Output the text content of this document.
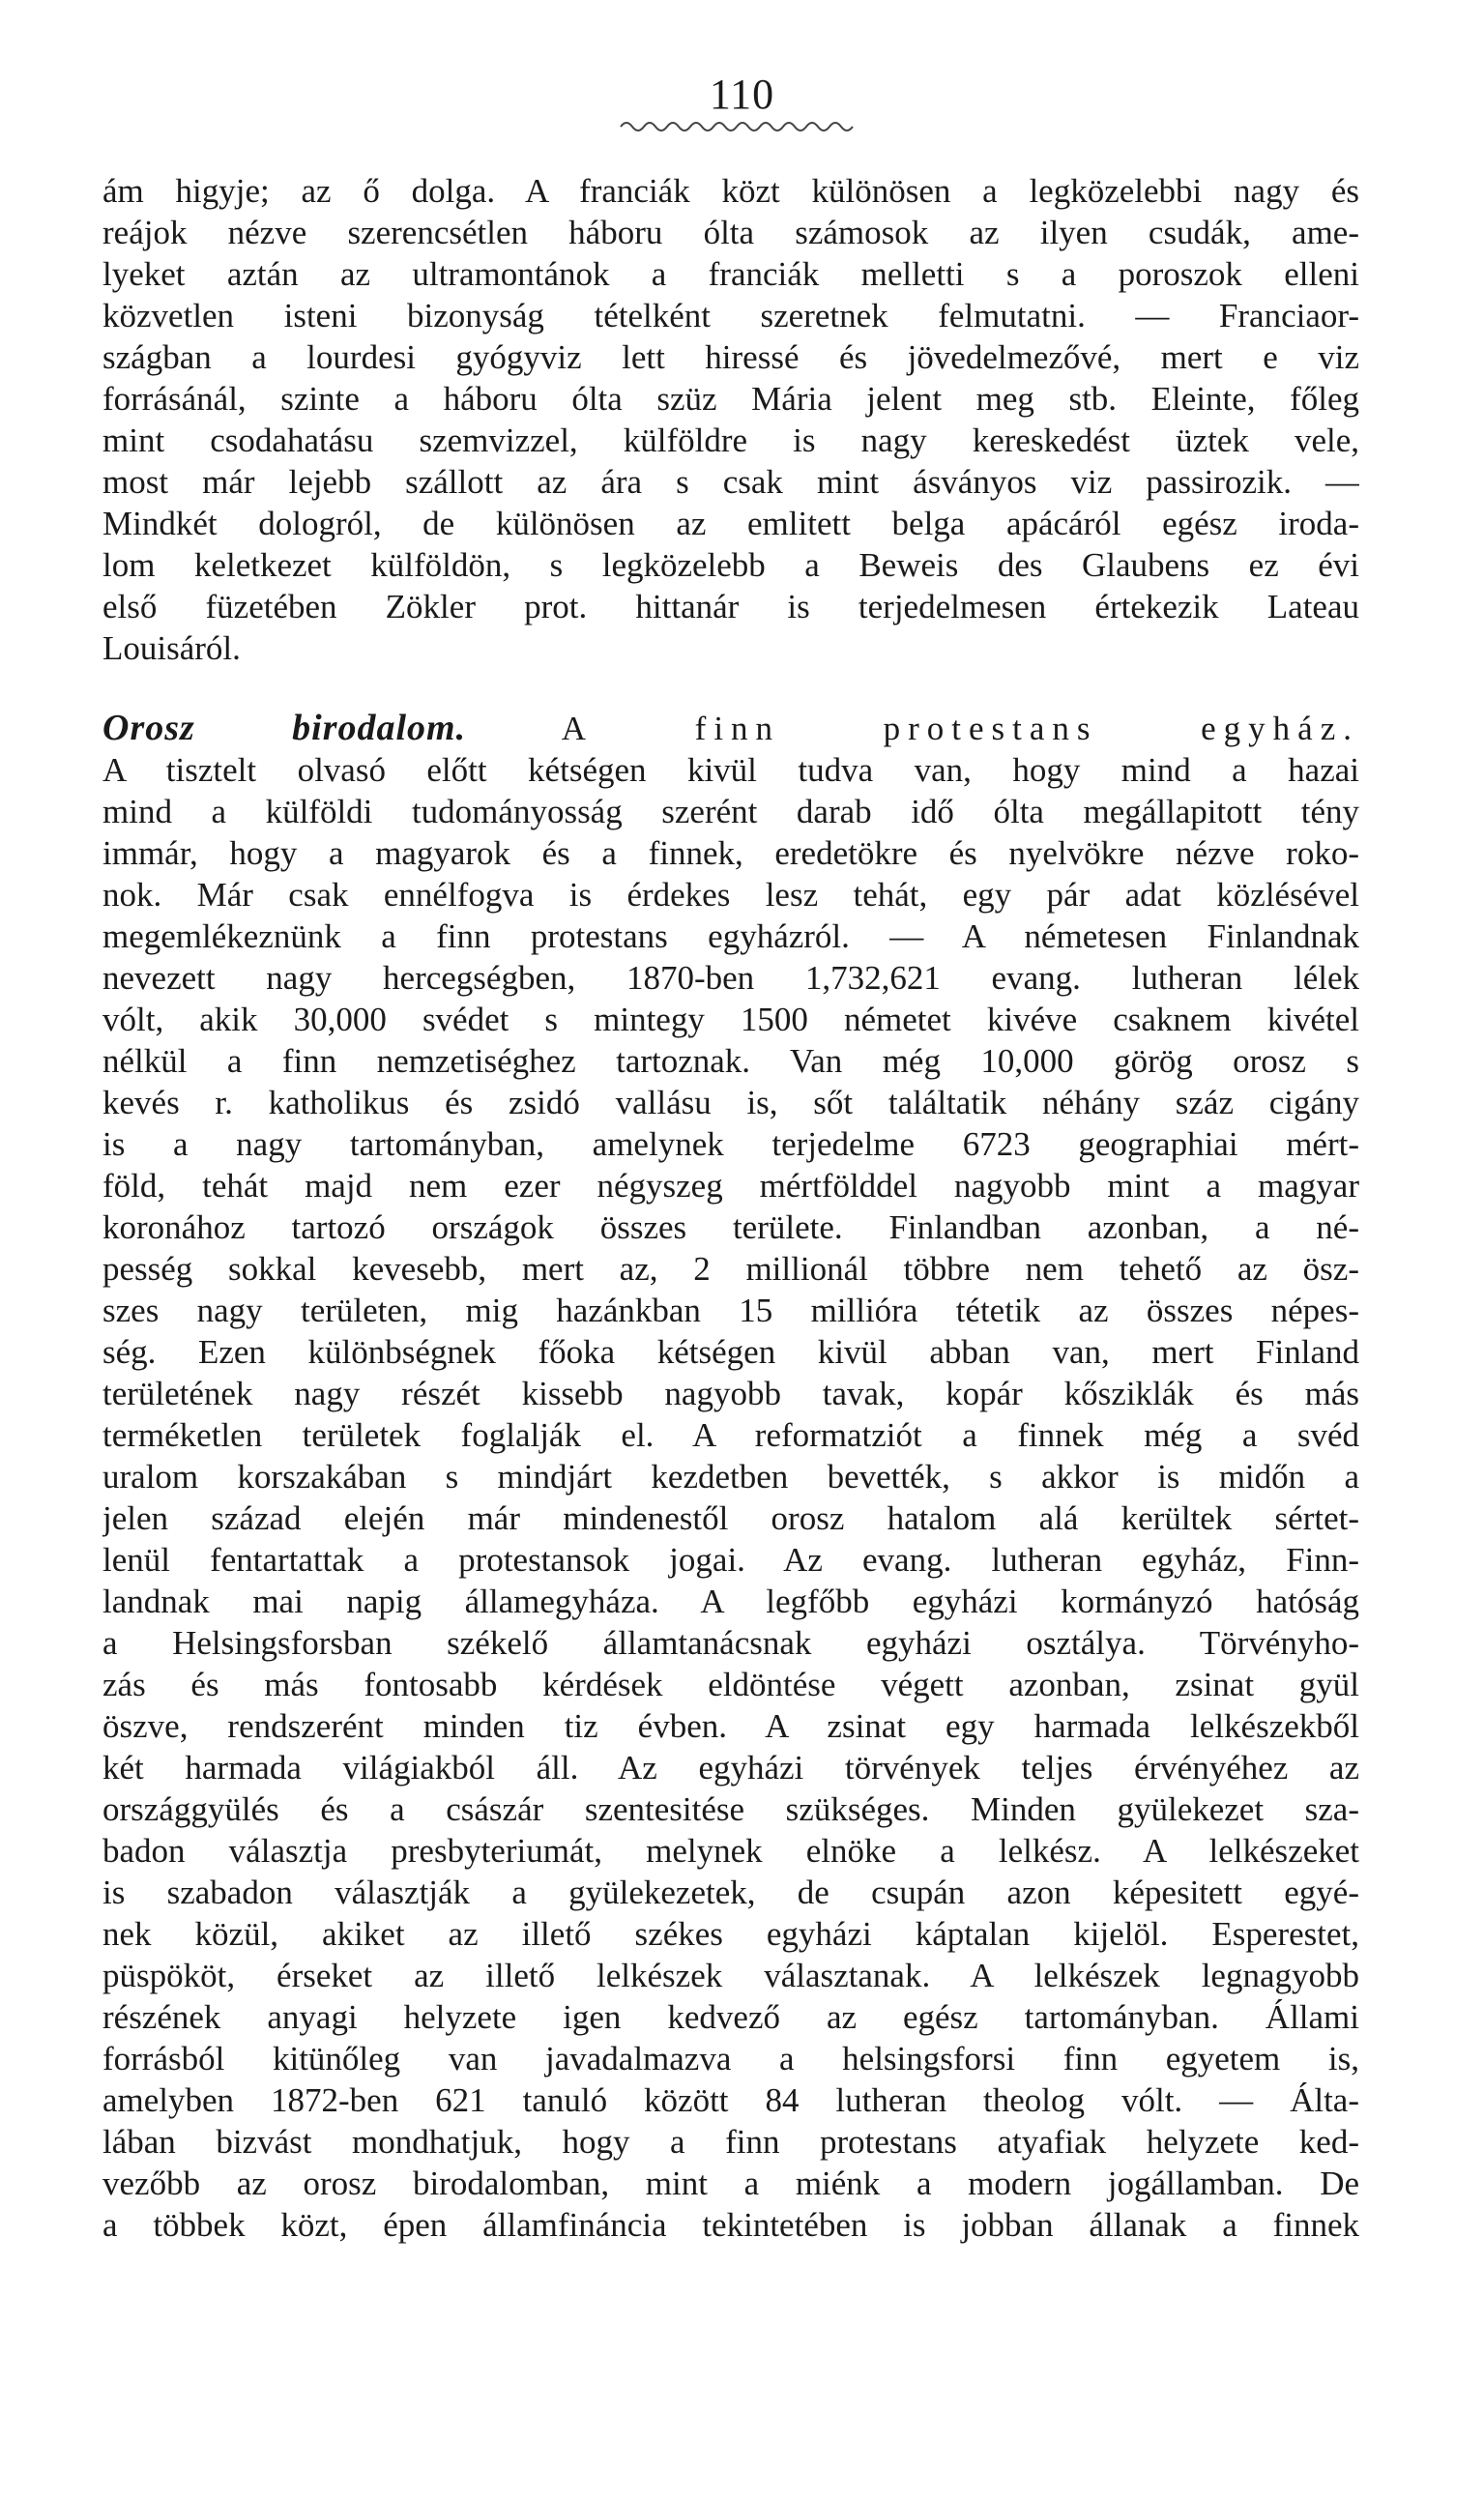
110
ám higyje; az ő dolga. A franciák közt különösen a legközelebbi nagy és
reájok nézve szerencsétlen háboru ólta számosok az ilyen csudák, ame-
lyeket aztán az ultramontánok a franciák melletti s a poroszok elleni
közvetlen isteni bizonyság tételként szeretnek felmutatni. — Franciaor-
szágban a lourdesi gyógyviz lett hiressé és jövedelmezővé, mert e viz
forrásánál, szinte a háboru ólta szüz Mária jelent meg stb. Eleinte, főleg
mint csodahatásu szemvizzel, külföldre is nagy kereskedést üztek vele,
most már lejebb szállott az ára s csak mint ásványos viz passirozik. —
Mindkét dologról, de különösen az emlitett belga apácáról egész iroda-
lom keletkezet külföldön, s legközelebb a Beweis des Glaubens ez évi
első füzetében Zökler prot. hittanár is terjedelmesen értekezik Lateau
Louisáról.
Orosz birodalom.	A finn protestans egyház.
A tisztelt olvasó előtt kétségen kivül tudva van, hogy mind a hazai
mind a külföldi tudományosság szerént darab idő ólta megállapitott tény
immár, hogy a magyarok és a finnek, eredetökre és nyelvökre nézve roko-
nok. Már csak ennélfogva is érdekes lesz tehát, egy pár adat közlésével
megemlékeznünk a finn protestans egyházról. — A németesen Finlandnak
nevezett nagy hercegségben, 1870-ben 1,732,621 evang. lutheran lélek
vólt, akik 30,000 svédet s mintegy 1500 németet kivéve csaknem kivétel
nélkül a finn nemzetiséghez tartoznak. Van még 10,000 görög orosz s
kevés r. katholikus és zsidó vallásu is, sőt találtatik néhány száz cigány
is a nagy tartományban, amelynek terjedelme 6723 geographiai mért-
föld, tehát majd nem ezer négyszeg mértfölddel nagyobb mint a magyar
koronához tartozó országok összes területe. Finlandban azonban, a né-
pesség sokkal kevesebb, mert az, 2 millionál többre nem tehető az ösz-
szes nagy területen, mig hazánkban 15 millióra tétetik az összes népes-
ség. Ezen különbségnek főoka kétségen kivül abban van, mert Finland
területének nagy részét kissebb nagyobb tavak, kopár kősziklák és más
terméketlen területek foglalják el. A reformatziót a finnek még a svéd
uralom korszakában s mindjárt kezdetben bevették, s akkor is midőn a
jelen század elején már mindenestől orosz hatalom alá kerültek sértet-
lenül fentartattak a protestansok jogai. Az evang. lutheran egyház, Finn-
landnak mai napig államegyháza. A legfőbb egyházi kormányzó hatóság
a Helsingsforsban székelő államtanácsnak egyházi osztálya. Törvényho-
zás és más fontosabb kérdések eldöntése végett azonban, zsinat gyül
öszve, rendszerént minden tiz évben. A zsinat egy harmada lelkészekből
két harmada világiakból áll. Az egyházi törvények teljes érvényéhez az
országgyülés és a császár szentesitése szükséges. Minden gyülekezet sza-
badon választja presbyteriumát, melynek elnöke a lelkész. A lelkészeket
is szabadon választják a gyülekezetek, de csupán azon képesitett egyé-
nek közül, akiket az illető székes egyházi káptalan kijelöl. Esperestet,
püspököt, érseket az illető lelkészek választanak. A lelkészek legnagyobb
részének anyagi helyzete igen kedvező az egész tartományban. Állami
forrásból kitünőleg van javadalmazva a helsingsforsi finn egyetem is,
amelyben 1872-ben 621 tanuló között 84 lutheran theolog vólt. — Álta-
lában bizvást mondhatjuk, hogy a finn protestans atyafiak helyzete ked-
vezőbb az orosz birodalomban, mint a miénk a modern jogállamban. De
a többek közt, épen államfináncia tekintetében is jobban állanak a finnek
